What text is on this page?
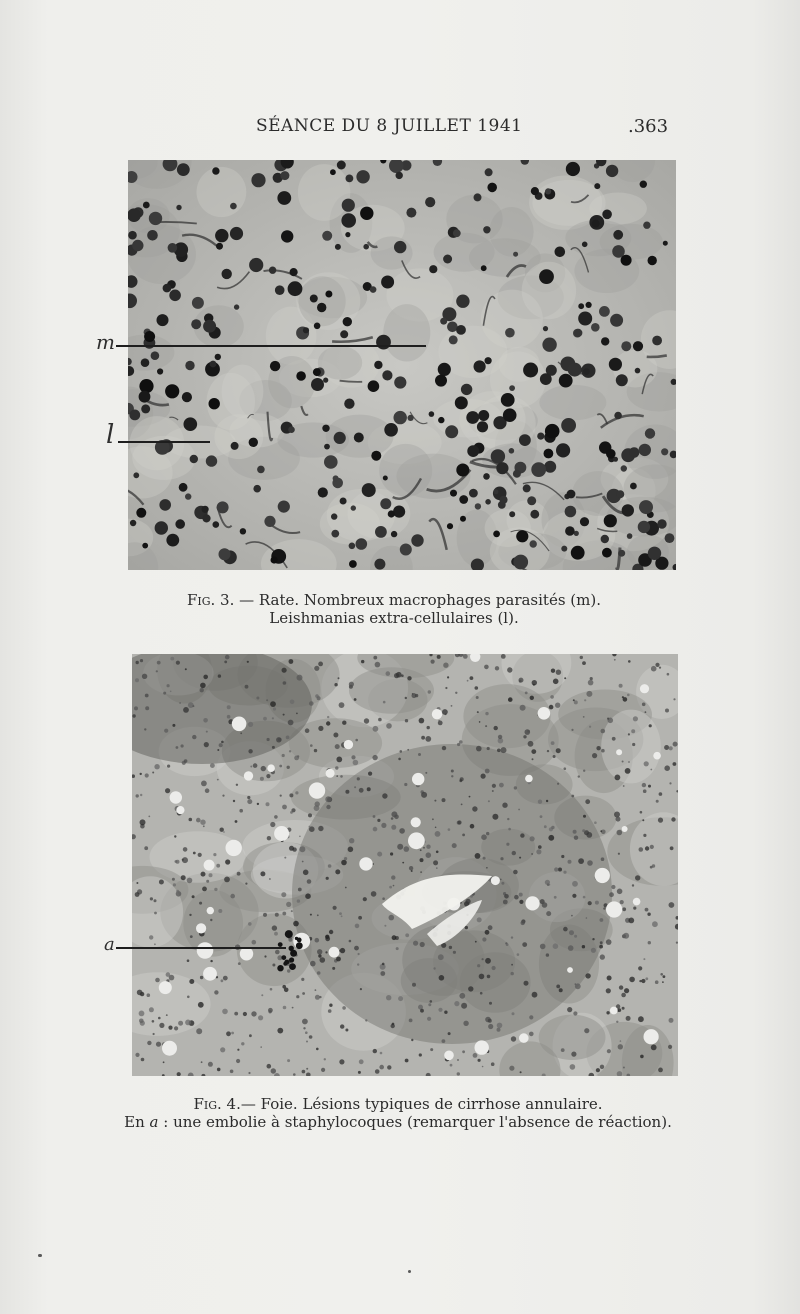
SÉANCE DU 8 JUILLET 1941	.363
m
l
Fig. 3. — Rate. Nombreux macrophages parasités (m).
Leishmanias extra-cellulaires (l).
a
Fig. 4.— Foie. Lésions typiques de cirrhose annulaire.
En a : une embolie à staphylocoques (remarquer l'absence de réaction).
